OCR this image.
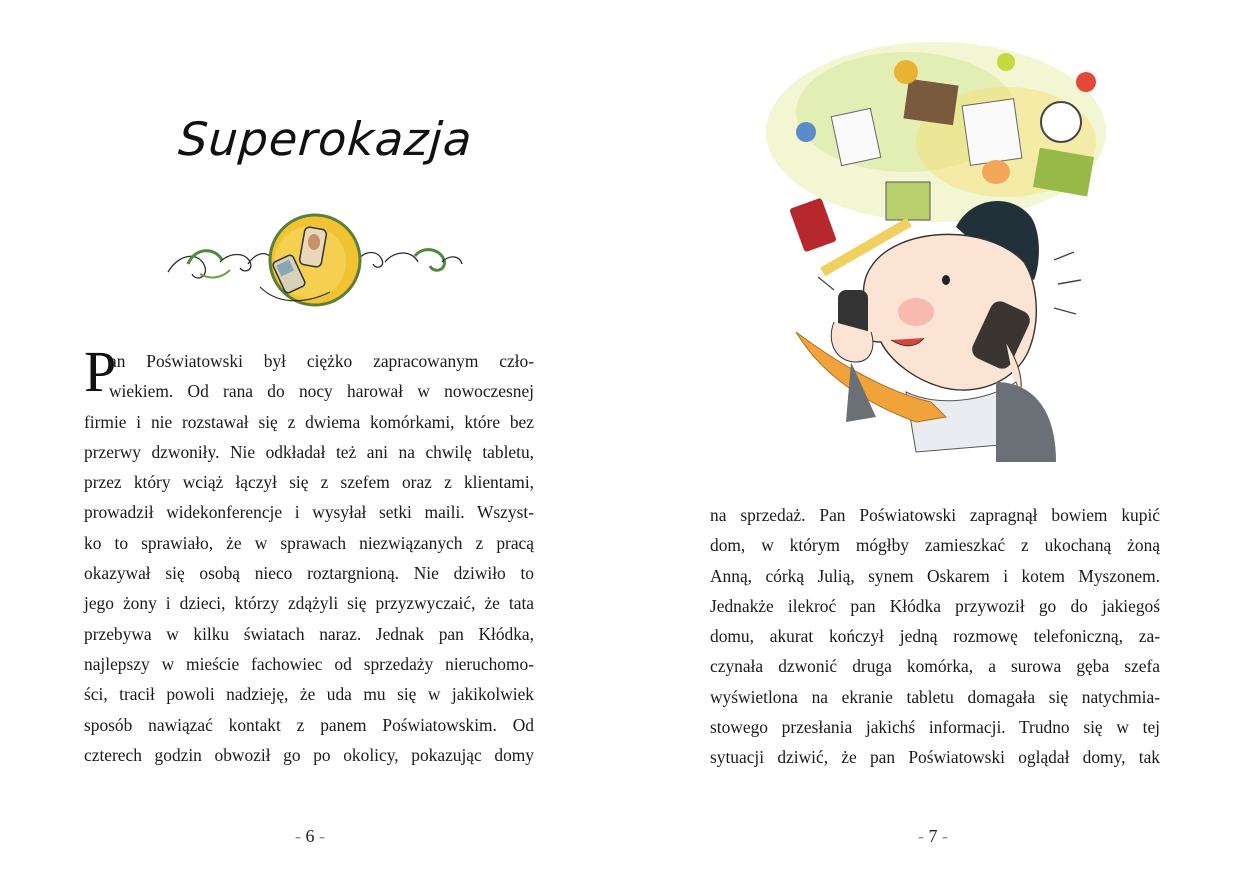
Superokazja
P
an Poświatowski był ciężko zapracowanym czło-
wiekiem. Od rana do nocy harował w nowoczesnej
firmie i nie rozstawał się z dwiema komórkami, które bez
przerwy dzwoniły. Nie odkładał też ani na chwilę tabletu,
przez który wciąż łączył się z szefem oraz z klientami,
prowadził widekonferencje i wysyłał setki maili. Wszyst-
ko to sprawiało, że w sprawach niezwiązanych z pracą
okazywał się osobą nieco roztargnioną. Nie dziwiło to
jego żony i dzieci, którzy zdążyli się przyzwyczaić, że tata
przebywa w kilku światach naraz. Jednak pan Kłódka,
najlepszy w mieście fachowiec od sprzedaży nieruchomo-
ści, tracił powoli nadzieję, że uda mu się w jakikolwiek
sposób nawiązać kontakt z panem Poświatowskim. Od
czterech godzin obwoził go po okolicy, pokazując domy
- 6 -
na sprzedaż. Pan Poświatowski zapragnął bowiem kupić
dom, w którym mógłby zamieszkać z ukochaną żoną
Anną, córką Julią, synem Oskarem i kotem Myszonem.
Jednakże ilekroć pan Kłódka przywoził go do jakiegoś
domu, akurat kończył jedną rozmowę telefoniczną, za-
czynała dzwonić druga komórka, a surowa gęba szefa
wyświetlona na ekranie tabletu domagała się natychmia-
stowego przesłania jakichś informacji. Trudno się w tej
sytuacji dziwić, że pan Poświatowski oglądał domy, tak
- 7 -
